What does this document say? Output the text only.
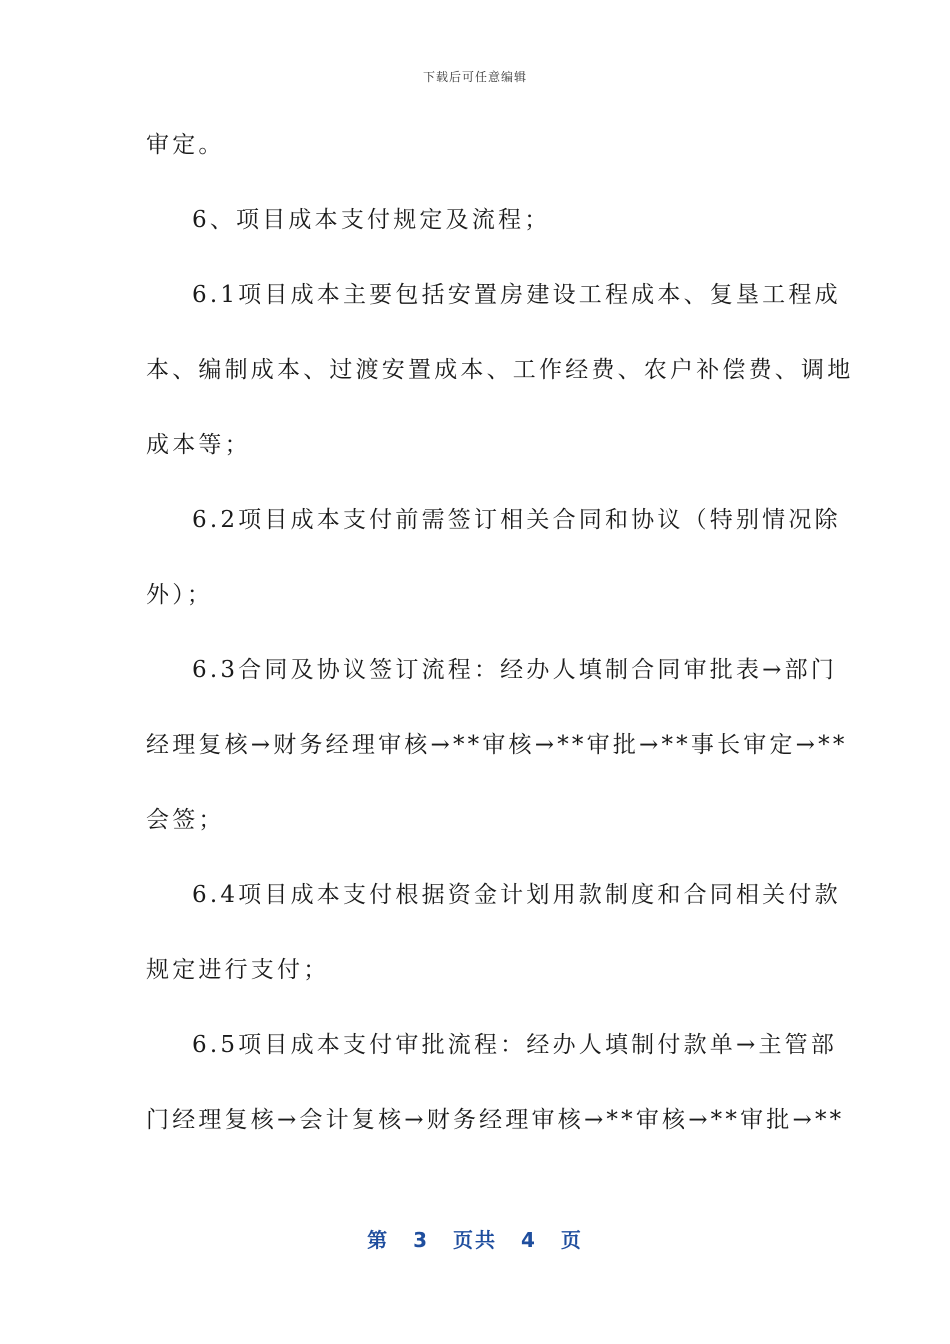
下载后可任意编辑
审定。
6、项目成本支付规定及流程；
6.1项目成本主要包括安置房建设工程成本、复垦工程成
本、编制成本、过渡安置成本、工作经费、农户补偿费、调地
成本等；
6.2项目成本支付前需签订相关合同和协议（特别情况除
外）；
6.3合同及协议签订流程：经办人填制合同审批表→部门
经理复核→财务经理审核→**审核→**审批→**事长审定→**
会签；
6.4项目成本支付根据资金计划用款制度和合同相关付款
规定进行支付；
6.5项目成本支付审批流程：经办人填制付款单→主管部
门经理复核→会计复核→财务经理审核→**审核→**审批→**
第 3 页共 4 页
